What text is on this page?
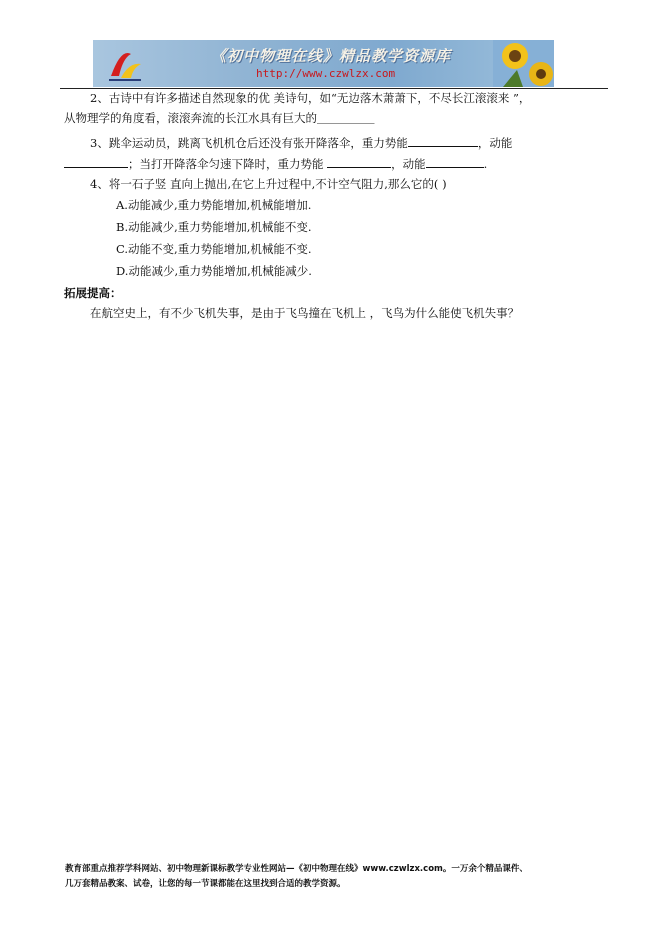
《初中物理在线》精品教学资源库
http://www.czwlzx.com
2、古诗中有许多描述自然现象的优 美诗句，如“无边落木萧萧下，不尽长江滚滚来 ”，
从物理学的角度看，滚滚奔流的长江水具有巨大的＿＿＿＿＿
3、跳伞运动员，跳离飞机机仓后还没有张开降落伞，重力势能	，动能
；当打开降落伞匀速下降时，重力势能	，动能	.
4、将一石子竖 直向上抛出,在它上升过程中,不计空气阻力,那么它的( )
A.动能减少,重力势能增加,机械能增加.
B.动能减少,重力势能增加,机械能不变.
C.动能不变,重力势能增加,机械能不变.
D.动能减少,重力势能增加,机械能减少.
拓展提高：
在航空史上，有不少飞机失事，是由于飞鸟撞在飞机上 ，飞鸟为什么能使飞机失事？
教育部重点推荐学科网站、初中物理新课标教学专业性网站—《初中物理在线》www.czwlzx.com。一万余个精品课件、
几万套精品教案、试卷，让您的每一节课都能在这里找到合适的教学资源。
